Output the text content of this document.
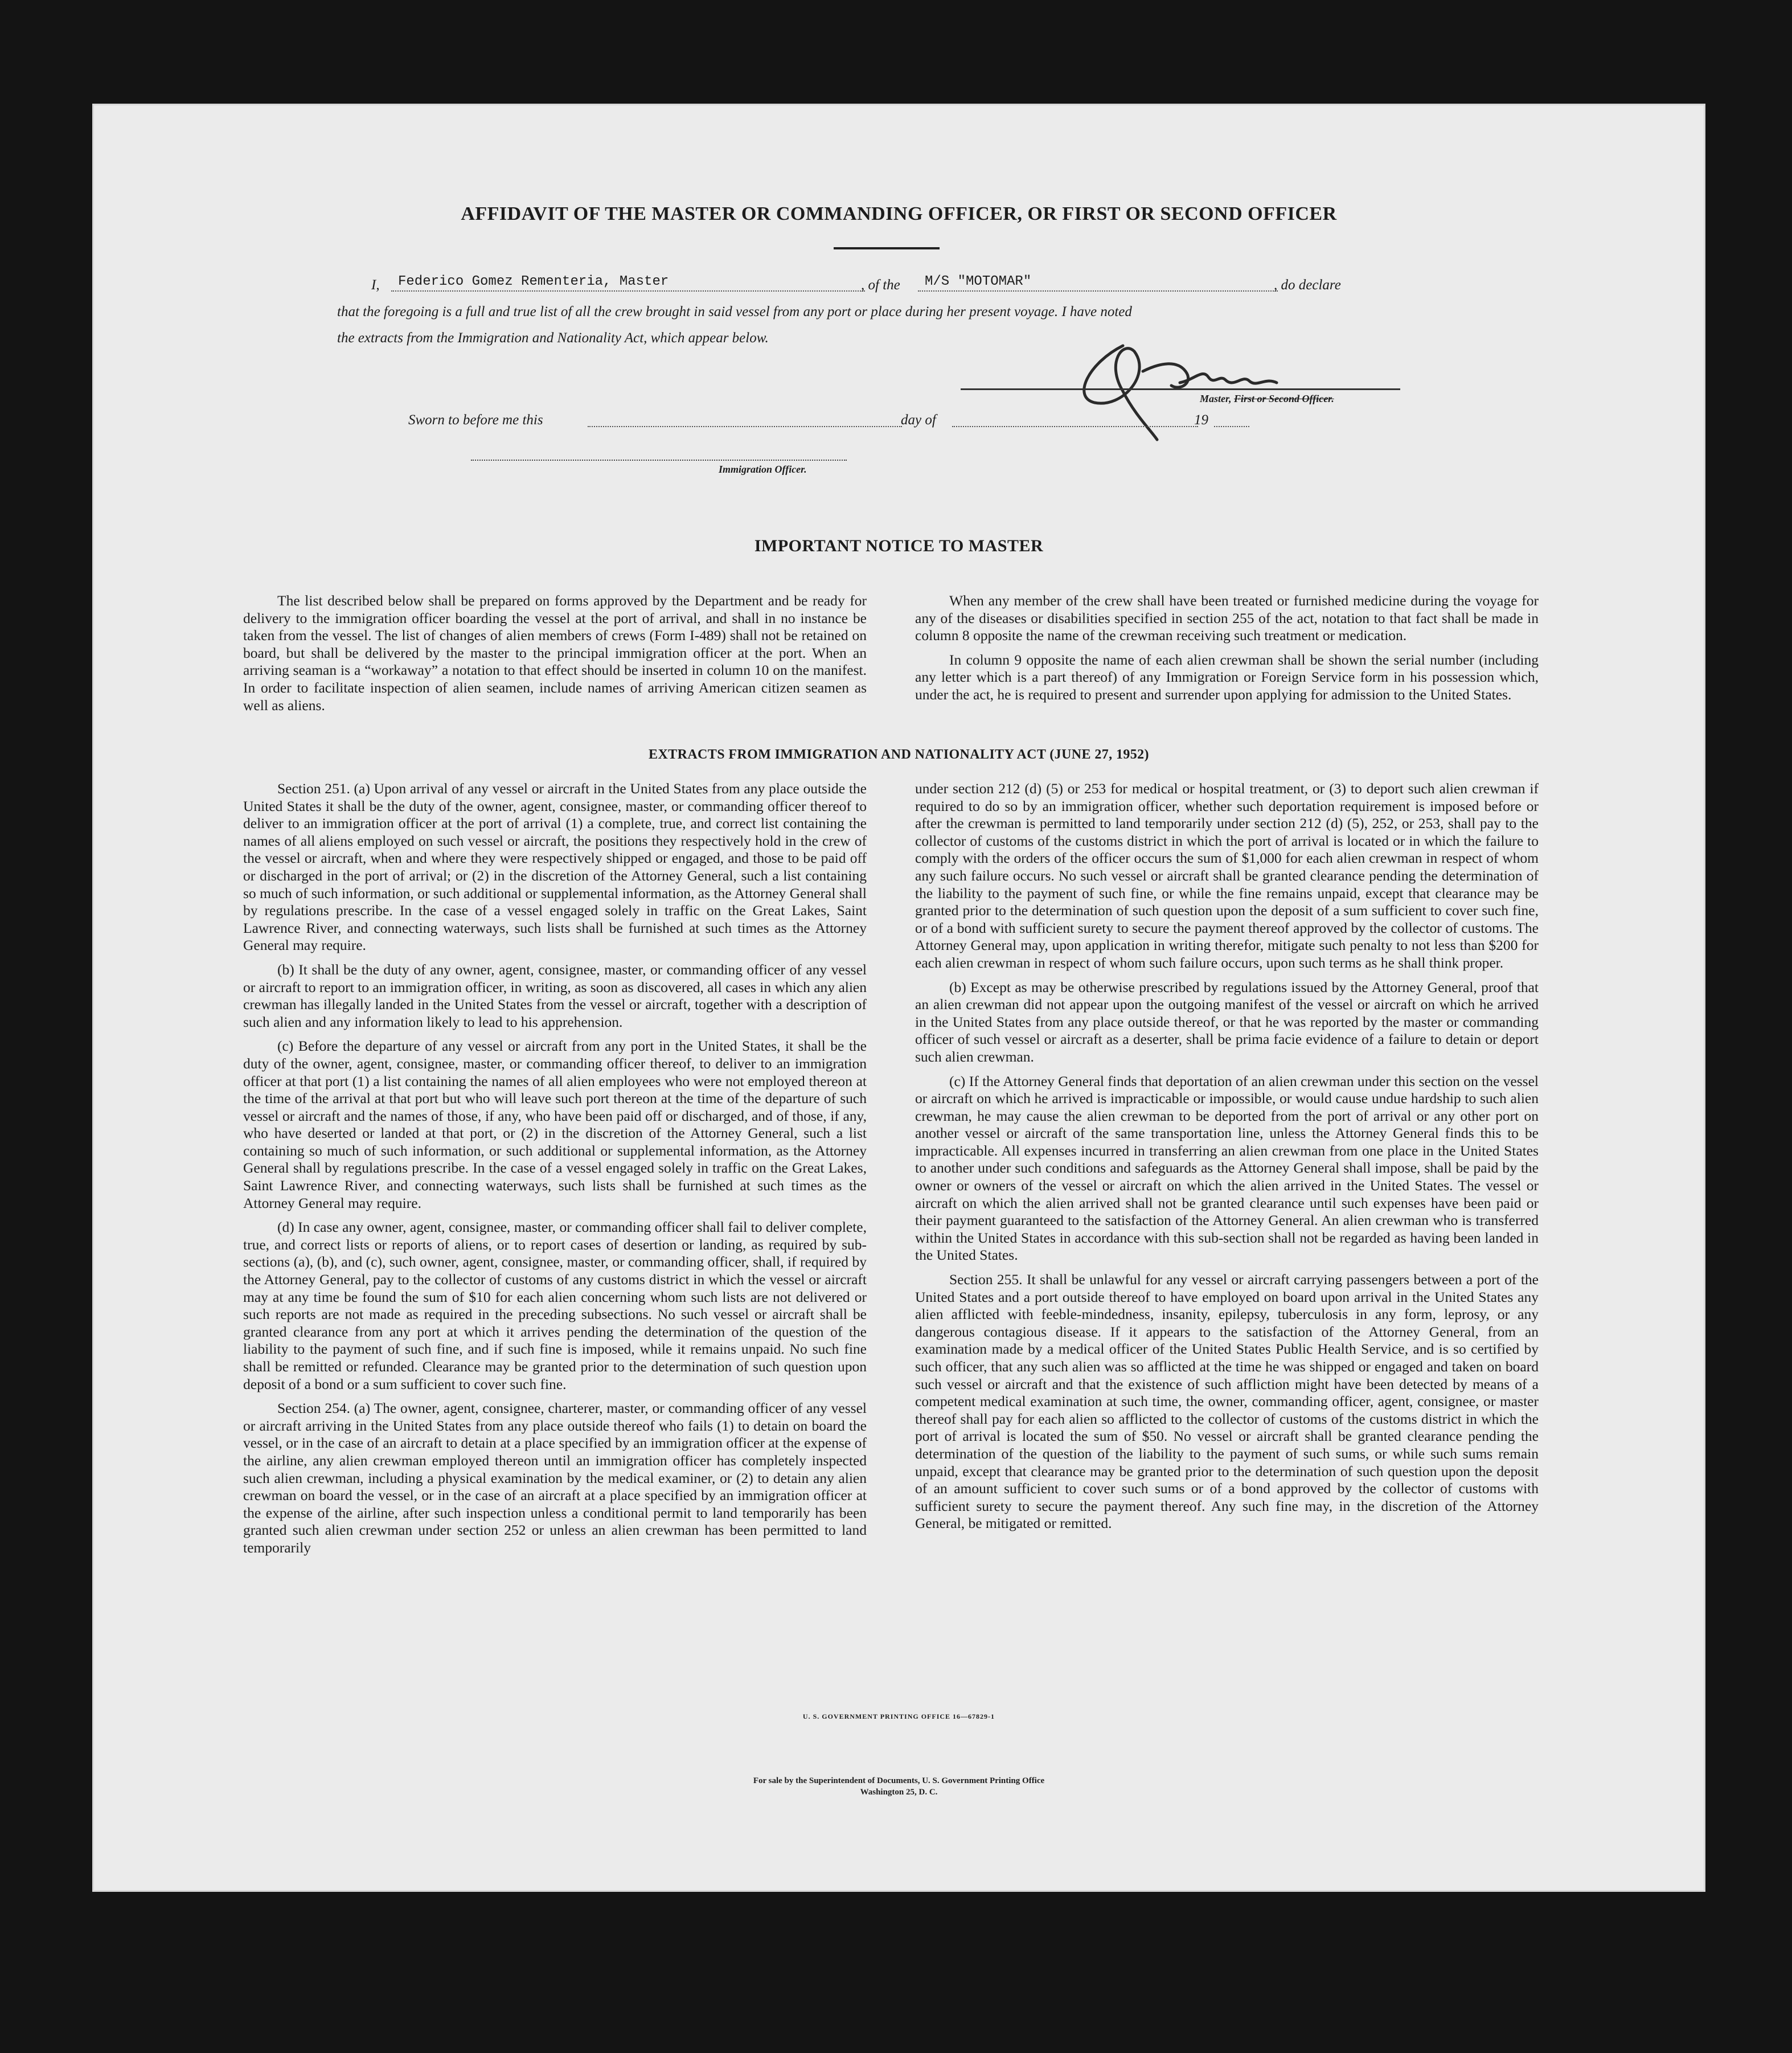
AFFIDAVIT OF THE MASTER OR COMMANDING OFFICER, OR FIRST OR SECOND OFFICER
I,	Federico Gomez Rementeria, Master	, of the	M/S "MOTOMAR"	, do declare
that the foregoing is a full and true list of all the crew brought in said vessel from any port or place during her present voyage. I have noted
the extracts from the Immigration and Nationality Act, which appear below.
Master, First or Second Officer.
Sworn to before me this	day of	19
Immigration Officer.
IMPORTANT NOTICE TO MASTER

The list described below shall be prepared on forms approved by the Department and be ready for delivery to the immigration officer boarding the vessel at the port of arrival, and shall in no instance be taken from the vessel. The list of changes of alien members of crews (Form I-489) shall not be retained on board, but shall be delivered by the master to the principal immigration officer at the port. When an arriving seaman is a “workaway” a notation to that effect should be inserted in column 10 on the manifest. In order to facilitate inspection of alien seamen, include names of arriving American citizen seamen as well as aliens.

When any member of the crew shall have been treated or furnished medicine during the voyage for any of the diseases or disabilities specified in section 255 of the act, notation to that fact shall be made in column 8 opposite the name of the crewman receiving such treatment or medication.

In column 9 opposite the name of each alien crewman shall be shown the serial number (including any letter which is a part thereof) of any Immigration or Foreign Service form in his possession which, under the act, he is required to present and surrender upon applying for admission to the United States.

EXTRACTS FROM IMMIGRATION AND NATIONALITY ACT (JUNE 27, 1952)

Section 251. (a) Upon arrival of any vessel or aircraft in the United States from any place outside the United States it shall be the duty of the owner, agent, consignee, master, or commanding officer thereof to deliver to an immigration officer at the port of arrival (1) a complete, true, and correct list containing the names of all aliens employed on such vessel or aircraft, the positions they respectively hold in the crew of the vessel or aircraft, when and where they were respectively shipped or engaged, and those to be paid off or discharged in the port of arrival; or (2) in the discretion of the Attorney General, such a list containing so much of such information, or such additional or supplemental information, as the Attorney General shall by regulations prescribe. In the case of a vessel engaged solely in traffic on the Great Lakes, Saint Lawrence River, and connecting waterways, such lists shall be furnished at such times as the Attorney General may require.

(b) It shall be the duty of any owner, agent, consignee, master, or commanding officer of any vessel or aircraft to report to an immigration officer, in writing, as soon as discovered, all cases in which any alien crewman has illegally landed in the United States from the vessel or aircraft, together with a description of such alien and any information likely to lead to his apprehension.

(c) Before the departure of any vessel or aircraft from any port in the United States, it shall be the duty of the owner, agent, consignee, master, or commanding officer thereof, to deliver to an immigration officer at that port (1) a list containing the names of all alien employees who were not employed thereon at the time of the arrival at that port but who will leave such port thereon at the time of the departure of such vessel or aircraft and the names of those, if any, who have been paid off or discharged, and of those, if any, who have deserted or landed at that port, or (2) in the discretion of the Attorney General, such a list containing so much of such information, or such additional or supplemental information, as the Attorney General shall by regulations prescribe. In the case of a vessel engaged solely in traffic on the Great Lakes, Saint Lawrence River, and connecting waterways, such lists shall be furnished at such times as the Attorney General may require.

(d) In case any owner, agent, consignee, master, or commanding officer shall fail to deliver complete, true, and correct lists or reports of aliens, or to report cases of desertion or landing, as required by sub-sections (a), (b), and (c), such owner, agent, consignee, master, or commanding officer, shall, if required by the Attorney General, pay to the collector of customs of any customs district in which the vessel or aircraft may at any time be found the sum of $10 for each alien concerning whom such lists are not delivered or such reports are not made as required in the preceding subsections. No such vessel or aircraft shall be granted clearance from any port at which it arrives pending the determination of the question of the liability to the payment of such fine, and if such fine is imposed, while it remains unpaid. No such fine shall be remitted or refunded. Clearance may be granted prior to the determination of such question upon deposit of a bond or a sum sufficient to cover such fine.

Section 254. (a) The owner, agent, consignee, charterer, master, or commanding officer of any vessel or aircraft arriving in the United States from any place outside thereof who fails (1) to detain on board the vessel, or in the case of an aircraft to detain at a place specified by an immigration officer at the expense of the airline, any alien crewman employed thereon until an immigration officer has completely inspected such alien crewman, including a physical examination by the medical examiner, or (2) to detain any alien crewman on board the vessel, or in the case of an aircraft at a place specified by an immigration officer at the expense of the airline, after such inspection unless a conditional permit to land temporarily has been granted such alien crewman under section 252 or unless an alien crewman has been permitted to land temporarily

under section 212 (d) (5) or 253 for medical or hospital treatment, or (3) to deport such alien crewman if required to do so by an immigration officer, whether such deportation requirement is imposed before or after the crewman is permitted to land temporarily under section 212 (d) (5), 252, or 253, shall pay to the collector of customs of the customs district in which the port of arrival is located or in which the failure to comply with the orders of the officer occurs the sum of $1,000 for each alien crewman in respect of whom any such failure occurs. No such vessel or aircraft shall be granted clearance pending the determination of the liability to the payment of such fine, or while the fine remains unpaid, except that clearance may be granted prior to the determination of such question upon the deposit of a sum sufficient to cover such fine, or of a bond with sufficient surety to secure the payment thereof approved by the collector of customs. The Attorney General may, upon application in writing therefor, mitigate such penalty to not less than $200 for each alien crewman in respect of whom such failure occurs, upon such terms as he shall think proper.

(b) Except as may be otherwise prescribed by regulations issued by the Attorney General, proof that an alien crewman did not appear upon the outgoing manifest of the vessel or aircraft on which he arrived in the United States from any place outside thereof, or that he was reported by the master or commanding officer of such vessel or aircraft as a deserter, shall be prima facie evidence of a failure to detain or deport such alien crewman.

(c) If the Attorney General finds that deportation of an alien crewman under this section on the vessel or aircraft on which he arrived is impracticable or impossible, or would cause undue hardship to such alien crewman, he may cause the alien crewman to be deported from the port of arrival or any other port on another vessel or aircraft of the same transportation line, unless the Attorney General finds this to be impracticable. All expenses incurred in transferring an alien crewman from one place in the United States to another under such conditions and safeguards as the Attorney General shall impose, shall be paid by the owner or owners of the vessel or aircraft on which the alien arrived in the United States. The vessel or aircraft on which the alien arrived shall not be granted clearance until such expenses have been paid or their payment guaranteed to the satisfaction of the Attorney General. An alien crewman who is transferred within the United States in accordance with this sub-section shall not be regarded as having been landed in the United States.

Section 255. It shall be unlawful for any vessel or aircraft carrying passengers between a port of the United States and a port outside thereof to have employed on board upon arrival in the United States any alien afflicted with feeble-mindedness, insanity, epilepsy, tuberculosis in any form, leprosy, or any dangerous contagious disease. If it appears to the satisfaction of the Attorney General, from an examination made by a medical officer of the United States Public Health Service, and is so certified by such officer, that any such alien was so afflicted at the time he was shipped or engaged and taken on board such vessel or aircraft and that the existence of such affliction might have been detected by means of a competent medical examination at such time, the owner, commanding officer, agent, consignee, or master thereof shall pay for each alien so afflicted to the collector of customs of the customs district in which the port of arrival is located the sum of $50. No vessel or aircraft shall be granted clearance pending the determination of the question of the liability to the payment of such sums, or while such sums remain unpaid, except that clearance may be granted prior to the determination of such question upon the deposit of an amount sufficient to cover such sums or of a bond approved by the collector of customs with sufficient surety to secure the payment thereof. Any such fine may, in the discretion of the Attorney General, be mitigated or remitted.

U. S. GOVERNMENT PRINTING OFFICE 16—67829-1
For sale by the Superintendent of Documents, U. S. Government Printing Office
Washington 25, D. C.
